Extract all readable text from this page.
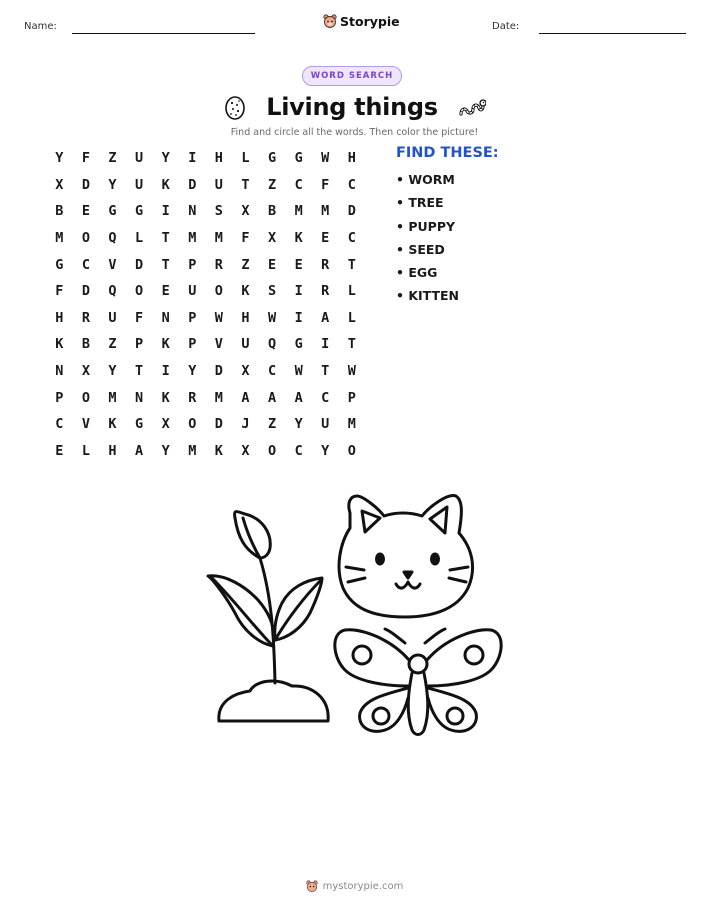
Name:	Storypie	Date:
WORD SEARCH
Living things
Find and circle all the words. Then color the picture!
Y	F	Z	U	Y	I	H	L	G	G	W	H
X	D	Y	U	K	D	U	T	Z	C	F	C
B	E	G	G	I	N	S	X	B	M	M	D
M	O	Q	L	T	M	M	F	X	K	E	C
G	C	V	D	T	P	R	Z	E	E	R	T
F	D	Q	O	E	U	O	K	S	I	R	L
H	R	U	F	N	P	W	H	W	I	A	L
K	B	Z	P	K	P	V	U	Q	G	I	T
N	X	Y	T	I	Y	D	X	C	W	T	W
P	O	M	N	K	R	M	A	A	A	C	P
C	V	K	G	X	O	D	J	Z	Y	U	M
E	L	H	A	Y	M	K	X	O	C	Y	O
FIND THESE:
• WORM
• TREE
• PUPPY
• SEED
• EGG
• KITTEN
mystorypie.com
